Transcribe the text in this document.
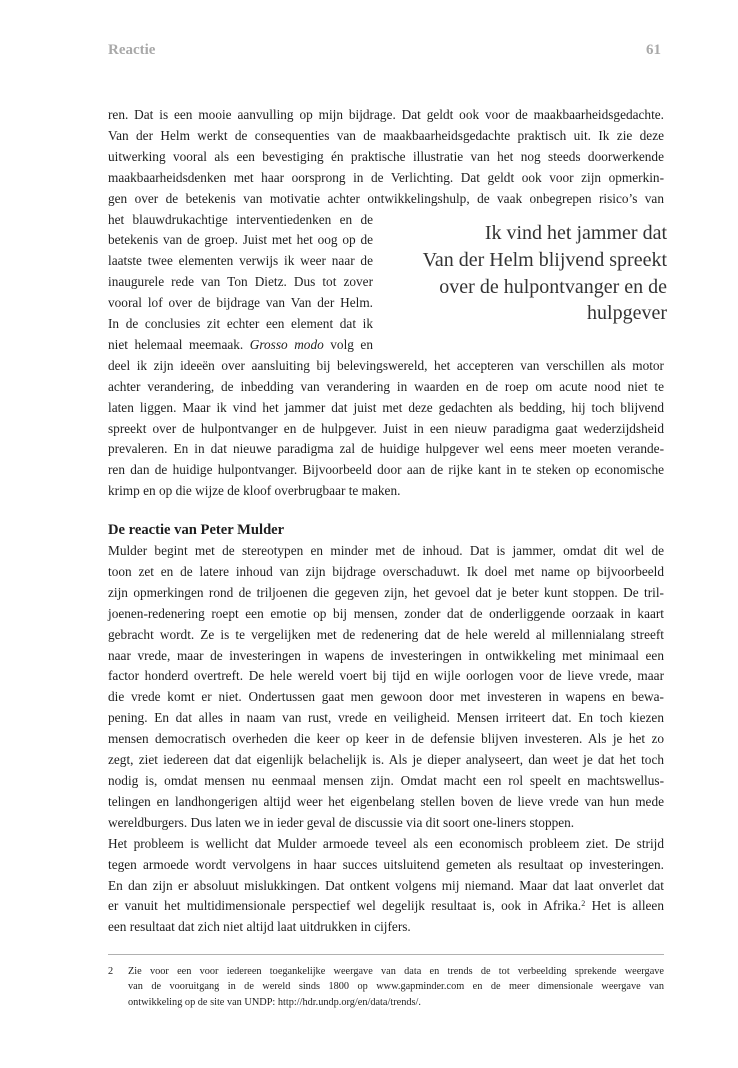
Reactie	61
ren. Dat is een mooie aanvulling op mijn bijdrage. Dat geldt ook voor de maakbaarheidsgedachte.
Van der Helm werkt de consequenties van de maakbaarheidsgedachte praktisch uit. Ik zie deze
uitwerking vooral als een bevestiging én praktische illustratie van het nog steeds doorwerkende
maakbaarheidsdenken met haar oorsprong in de Verlichting. Dat geldt ook voor zijn opmerkin-
gen over de betekenis van motivatie achter ontwikkelingshulp, de vaak onbegrepen risico’s van
het blauwdrukachtige interventiedenken en de
betekenis van de groep. Juist met het oog op de
laatste twee elementen verwijs ik weer naar de
inaugurele rede van Ton Dietz. Dus tot zover
vooral lof over de bijdrage van Van der Helm.
In de conclusies zit echter een element dat ik
niet helemaal meemaak. Grosso modo volg en
Ik vind het jammer dat
Van der Helm blijvend spreekt
over de hulpontvanger en de
hulpgever
deel ik zijn ideeën over aansluiting bij belevingswereld, het accepteren van verschillen als motor
achter verandering, de inbedding van verandering in waarden en de roep om acute nood niet te
laten liggen. Maar ik vind het jammer dat juist met deze gedachten als bedding, hij toch blijvend
spreekt over de hulpontvanger en de hulpgever. Juist in een nieuw paradigma gaat wederzijdsheid
prevaleren. En in dat nieuwe paradigma zal de huidige hulpgever wel eens meer moeten verande-
ren dan de huidige hulpontvanger. Bijvoorbeeld door aan de rijke kant in te steken op economische
krimp en op die wijze de kloof overbrugbaar te maken.
De reactie van Peter Mulder
Mulder begint met de stereotypen en minder met de inhoud. Dat is jammer, omdat dit wel de
toon zet en de latere inhoud van zijn bijdrage overschaduwt. Ik doel met name op bijvoorbeeld
zijn opmerkingen rond de triljoenen die gegeven zijn, het gevoel dat je beter kunt stoppen. De tril-
joenen-redenering roept een emotie op bij mensen, zonder dat de onderliggende oorzaak in kaart
gebracht wordt. Ze is te vergelijken met de redenering dat de hele wereld al millennialang streeft
naar vrede, maar de investeringen in wapens de investeringen in ontwikkeling met minimaal een
factor honderd overtreft. De hele wereld voert bij tijd en wijle oorlogen voor de lieve vrede, maar
die vrede komt er niet. Ondertussen gaat men gewoon door met investeren in wapens en bewa-
pening. En dat alles in naam van rust, vrede en veiligheid. Mensen irriteert dat. En toch kiezen
mensen democratisch overheden die keer op keer in de defensie blijven investeren. Als je het zo
zegt, ziet iedereen dat dat eigenlijk belachelijk is. Als je dieper analyseert, dan weet je dat het toch
nodig is, omdat mensen nu eenmaal mensen zijn. Omdat macht een rol speelt en machtswellus-
telingen en landhongerigen altijd weer het eigenbelang stellen boven de lieve vrede van hun mede
wereldburgers. Dus laten we in ieder geval de discussie via dit soort one-liners stoppen.
Het probleem is wellicht dat Mulder armoede teveel als een economisch probleem ziet. De strijd
tegen armoede wordt vervolgens in haar succes uitsluitend gemeten als resultaat op investeringen.
En dan zijn er absoluut mislukkingen. Dat ontkent volgens mij niemand. Maar dat laat onverlet dat
er vanuit het multidimensionale perspectief wel degelijk resultaat is, ook in Afrika.$^2$ Het is alleen
een resultaat dat zich niet altijd laat uitdrukken in cijfers.
2 Zie voor een voor iedereen toegankelijke weergave van data en trends de tot verbeelding sprekende weergave
van de vooruitgang in de wereld sinds 1800 op www.gapminder.com en de meer dimensionale weergave van
ontwikkeling op de site van UNDP: http://hdr.undp.org/en/data/trends/.
